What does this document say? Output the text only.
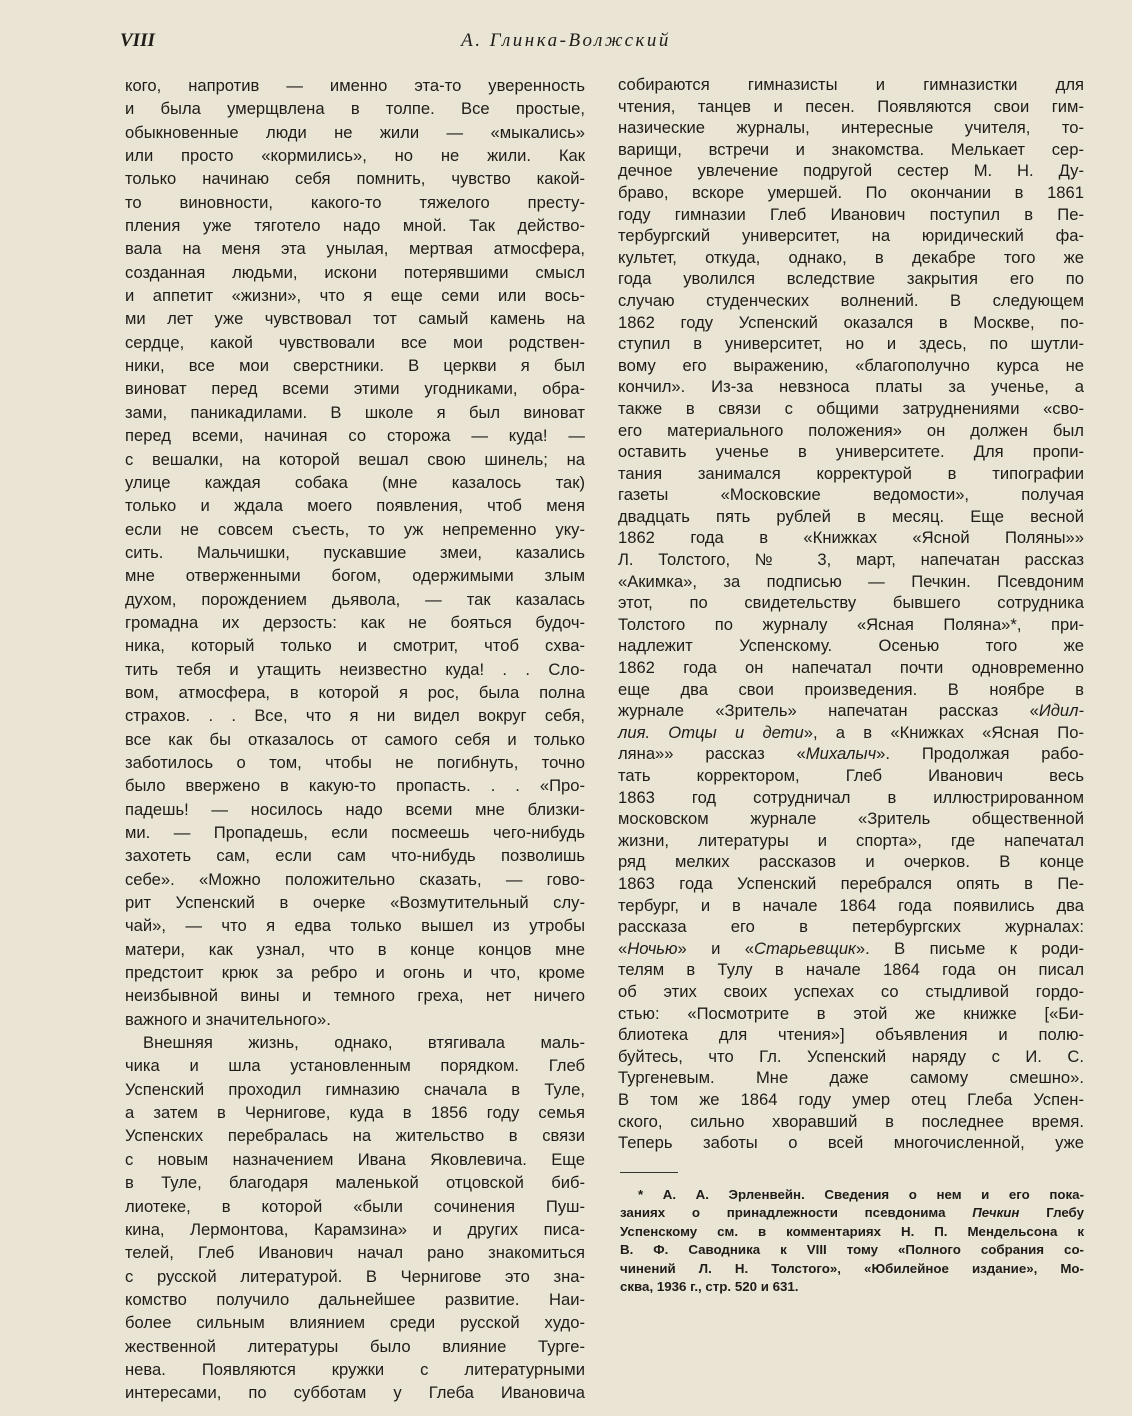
VIII	А. Глинка-Волжский
кого, напротив — именно эта-то уверенность
и была умерщвлена в толпе. Все простые,
обыкновенные люди не жили — «мыкались»
или просто «кормились», но не жили. Как
только начинаю себя помнить, чувство какой-
то виновности, какого-то тяжелого престу-
пления уже тяготело надо мной. Так действо-
вала на меня эта унылая, мертвая атмосфера,
созданная людьми, искони потерявшими смысл
и аппетит «жизни», что я еще семи или вось-
ми лет уже чувствовал тот самый камень на
сердце, какой чувствовали все мои родствен-
ники, все мои сверстники. В церкви я был
виноват перед всеми этими угодниками, обра-
зами, паникадилами. В школе я был виноват
перед всеми, начиная со сторожа — куда! —
с вешалки, на которой вешал свою шинель; на
улице каждая собака (мне казалось так)
только и ждала моего появления, чтоб меня
если не совсем съесть, то уж непременно уку-
сить. Мальчишки, пускавшие змеи, казались
мне отверженными богом, одержимыми злым
духом, порождением дьявола, — так казалась
громадна их дерзость: как не бояться будоч-
ника, который только и смотрит, чтоб схва-
тить тебя и утащить неизвестно куда! . . Сло-
вом, атмосфера, в которой я рос, была полна
страхов. . . Все, что я ни видел вокруг себя,
все как бы отказалось от самого себя и только
заботилось о том, чтобы не погибнуть, точно
было ввержено в какую-то пропасть. . . «Про-
падешь! — носилось надо всеми мне близки-
ми. — Пропадешь, если посмеешь чего-нибудь
захотеть сам, если сам что-нибудь позволишь
себе». «Можно положительно сказать, — гово-
рит Успенский в очерке «Возмутительный слу-
чай», — что я едва только вышел из утробы
матери, как узнал, что в конце концов мне
предстоит крюк за ребро и огонь и что, кроме
неизбывной вины и темного греха, нет ничего
важного и значительного».
Внешняя жизнь, однако, втягивала маль-
чика и шла установленным порядком. Глеб
Успенский проходил гимназию сначала в Туле,
а затем в Чернигове, куда в 1856 году семья
Успенских перебралась на жительство в связи
с новым назначением Ивана Яковлевича. Еще
в Туле, благодаря маленькой отцовской биб-
лиотеке, в которой «были сочинения Пуш-
кина, Лермонтова, Карамзина» и других писа-
телей, Глеб Иванович начал рано знакомиться
с русской литературой. В Чернигове это зна-
комство получило дальнейшее развитие. Наи-
более сильным влиянием среди русской худо-
жественной литературы было влияние Турге-
нева. Появляются кружки с литературными
интересами, по субботам у Глеба Ивановича
собираются гимназисты и гимназистки для
чтения, танцев и песен. Появляются свои гим-
назические журналы, интересные учителя, то-
варищи, встречи и знакомства. Мелькает сер-
дечное увлечение подругой сестер М. Н. Ду-
браво, вскоре умершей. По окончании в 1861
году гимназии Глеб Иванович поступил в Пе-
тербургский университет, на юридический фа-
культет, откуда, однако, в декабре того же
года уволился вследствие закрытия его по
случаю студенческих волнений. В следующем
1862 году Успенский оказался в Москве, по-
ступил в университет, но и здесь, по шутли-
вому его выражению, «благополучно курса не
кончил». Из-за невзноса платы за ученье, а
также в связи с общими затруднениями «сво-
его материального положения» он должен был
оставить ученье в университете. Для пропи-
тания занимался корректурой в типографии
газеты «Московские ведомости», получая
двадцать пять рублей в месяц. Еще весной
1862 года в «Книжках «Ясной Поляны»»
Л. Толстого, № 3, март, напечатан рассказ
«Акимка», за подписью — Печкин. Псевдоним
этот, по свидетельству бывшего сотрудника
Толстого по журналу «Ясная Поляна»*, при-
надлежит Успенскому. Осенью того же
1862 года он напечатал почти одновременно
еще два свои произведения. В ноябре в
журнале «Зритель» напечатан рассказ «Идил-
лия. Отцы и дети», а в «Книжках «Ясная По-
ляна»» рассказ «Михалыч». Продолжая рабо-
тать корректором, Глеб Иванович весь
1863 год сотрудничал в иллюстрированном
московском журнале «Зритель общественной
жизни, литературы и спорта», где напечатал
ряд мелких рассказов и очерков. В конце
1863 года Успенский перебрался опять в Пе-
тербург, и в начале 1864 года появились два
рассказа его в петербургских журналах:
«Ночью» и «Старьевщик». В письме к роди-
телям в Тулу в начале 1864 года он писал
об этих своих успехах со стыдливой гордо-
стью: «Посмотрите в этой же книжке [«Би-
блиотека для чтения»] объявления и полю-
буйтесь, что Гл. Успенский наряду с И. С.
Тургеневым. Мне даже самому смешно».
В том же 1864 году умер отец Глеба Успен-
ского, сильно хворавший в последнее время.
Теперь заботы о всей многочисленной, уже
* А. А. Эрленвейн. Сведения о нем и его пока-
заниях о принадлежности псевдонима Печкин Глебу
Успенскому см. в комментариях Н. П. Мендельсона к
В. Ф. Саводника к VIII тому «Полного собрания со-
чинений Л. Н. Толстого», «Юбилейное издание», Мо-
сква, 1936 г., стр. 520 и 631.
